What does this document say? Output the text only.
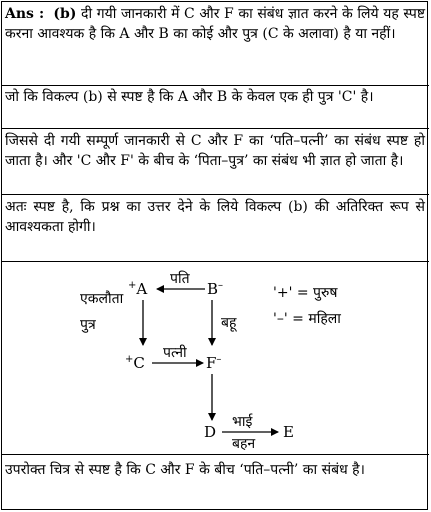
Ans : (b) दी गयी जानकारी में C और F का संबंध ज्ञात करने के लिये यह स्पष्ट करना आवश्यक है कि A और B का कोई और पुत्र (C के अलावा) है या नहीं।

जो कि विकल्प (b) से स्पष्ट है कि A और B के केवल एक ही पुत्र 'C' है।

जिससे दी गयी सम्पूर्ण जानकारी से C और F का ‘पति–पत्नी’ का संबंध स्पष्ट हो जाता है। और 'C और F' के बीच के ‘पिता–पुत्र’ का संबंध भी ज्ञात हो जाता है।

अतः स्पष्ट है, कि प्रश्न का उत्तर देने के लिये विकल्प (b) की अतिरिक्त रूप से आवश्यकता होगी।

+A	B–
+C	F–
D	E
पति
एकलौता
पुत्र	बहू
पत्नी
भाई
बहन
'+' = पुरुष
'–' = महिला

उपरोक्त चित्र से स्पष्ट है कि C और F के बीच ‘पति–पत्नी’ का संबंध है।
